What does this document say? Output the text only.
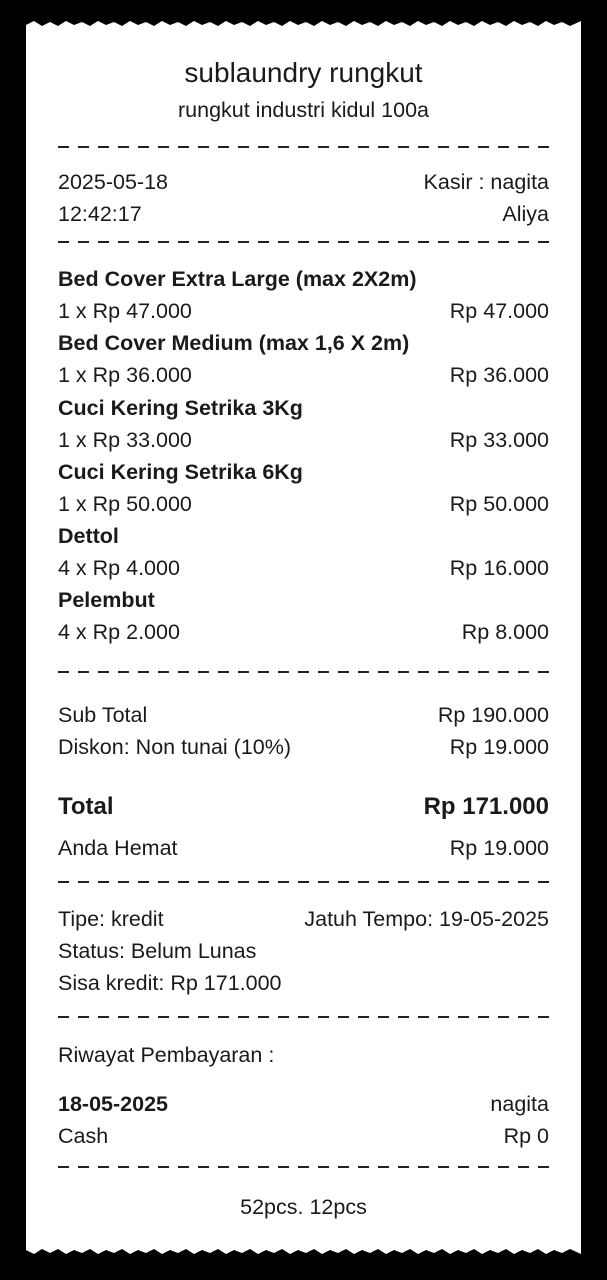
sublaundry rungkut
rungkut industri kidul 100a
2025-05-18	Kasir : nagita
12:42:17	Aliya
Bed Cover Extra Large (max 2X2m)
1 x Rp 47.000	Rp 47.000
Bed Cover Medium (max 1,6 X 2m)
1 x Rp 36.000	Rp 36.000
Cuci Kering Setrika 3Kg
1 x Rp 33.000	Rp 33.000
Cuci Kering Setrika 6Kg
1 x Rp 50.000	Rp 50.000
Dettol
4 x Rp 4.000	Rp 16.000
Pelembut
4 x Rp 2.000	Rp 8.000
Sub Total	Rp 190.000
Diskon: Non tunai (10%)	Rp 19.000
Total	Rp 171.000
Anda Hemat	Rp 19.000
Tipe: kredit	Jatuh Tempo: 19-05-2025
Status: Belum Lunas
Sisa kredit: Rp 171.000
Riwayat Pembayaran :
18-05-2025	nagita
Cash	Rp 0
52pcs. 12pcs
